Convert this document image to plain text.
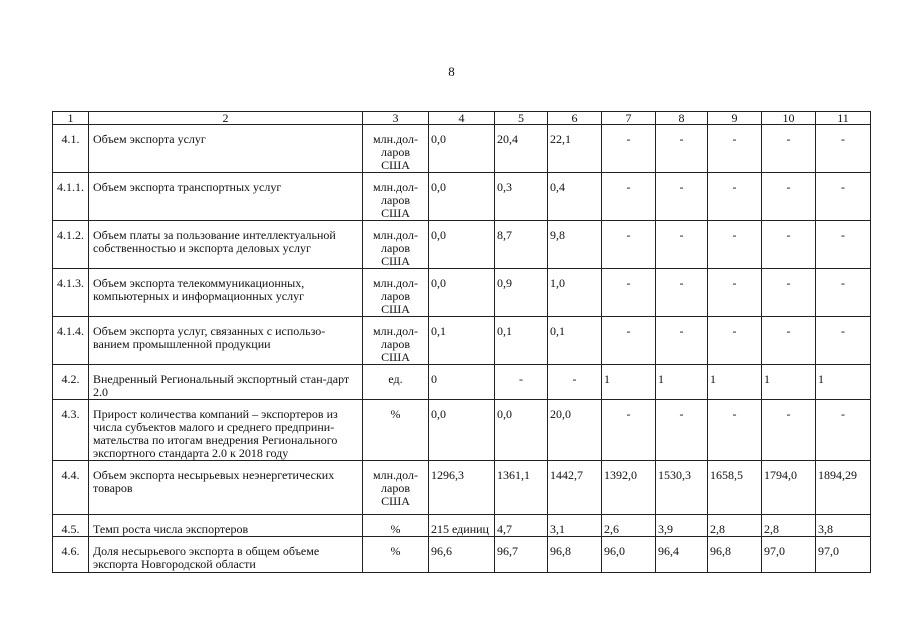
8
1	2	3	4	5	6	7	8	9	10	11
4.1.	Объем экспорта услуг	млн.дол-
ларов
США	0,0	20,4	22,1	-	-	-	-	-
4.1.1.	Объем экспорта транспортных услуг	млн.дол-
ларов
США	0,0	0,3	0,4	-	-	-	-	-
4.1.2.	Объем платы за пользование интеллектуальной собственностью и экспорта деловых услуг	млн.дол-
ларов
США	0,0	8,7	9,8	-	-	-	-	-
4.1.3.	Объем экспорта телекоммуникационных, компьютерных и информационных услуг	млн.дол-
ларов
США	0,0	0,9	1,0	-	-	-	-	-
4.1.4.	Объем экспорта услуг, связанных с использо-ванием промышленной продукции	млн.дол-
ларов
США	0,1	0,1	0,1	-	-	-	-	-
4.2.	Внедренный Региональный экспортный стан-дарт 2.0	ед.	0	-	-	1	1	1	1	1
4.3.	Прирост количества компаний – экспортеров из числа субъектов малого и среднего предприни-мательства по итогам внедрения Регионального экспортного стандарта 2.0 к 2018 году	%	0,0	0,0	20,0	-	-	-	-	-
4.4.	Объем экспорта несырьевых неэнергетических товаров	млн.дол-
ларов
США	1296,3	1361,1	1442,7	1392,0	1530,3	1658,5	1794,0	1894,29
4.5.	Темп роста числа экспортеров	%	215 единиц	4,7	3,1	2,6	3,9	2,8	2,8	3,8
4.6.	Доля несырьевого экспорта в общем объеме экспорта Новгородской области	%	96,6	96,7	96,8	96,0	96,4	96,8	97,0	97,0
